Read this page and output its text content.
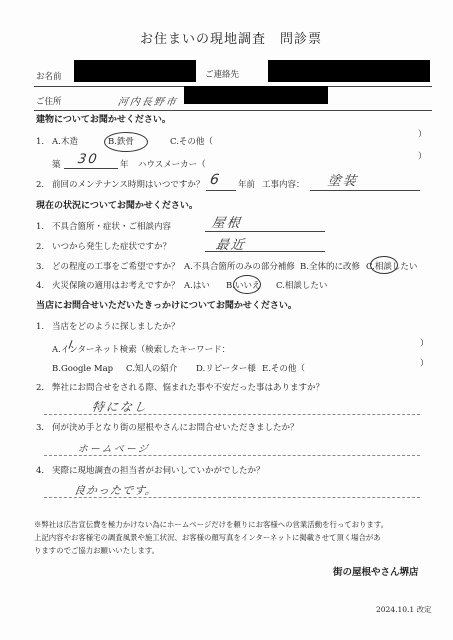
お住まいの現地調査　問診票
お名前	ご連絡先
ご住所	河内長野市
建物についてお聞かせください。
1. A.木造	B.鉄骨	C.その他（
）
築 30 年 ハウスメーカー（
）
2. 前回のメンテナンス時期はいつですか？ 6 年前 工事内容： 塗装
現在の状況についてお聞かせください。
1. 不具合箇所・症状・ご相談内容	屋根
2. いつから発生した症状ですか？	最近
3. どの程度の工事をご希望ですか？ A.不具合箇所のみの部分補修 B.全体的に改修 C.相談したい
4. 火災保険の適用はお考えですか？ A.はい B.いいえ C.相談したい
当店にお問合せいただいたきっかけについてお聞かせください。
1. 当店をどのように探しましたか？
A.インターネット検索（検索したキーワード：
）
B.Google Map C.知人の紹介 D.リピーター様 E.その他（	）
2． 弊社にお問合せをされる際、悩まれた事や不安だった事はありますか？
特になし
3． 何が決め手となり街の屋根やさんにお問合せいただきましたか？
ホームページ
4． 実際に現地調査の担当者がお伺いしていかがでしたか？
良かったです。
※弊社は広告宣伝費を極力かけない為にホームページだけを頼りにお客様への営業活動を行っております。
上記内容やお客様宅の調査風景や施工状況、お客様の顔写真をインターネットに掲載させて頂く場合があ
りますのでご協力お願いいたします。
街の屋根やさん堺店
2024.10.1 改定
